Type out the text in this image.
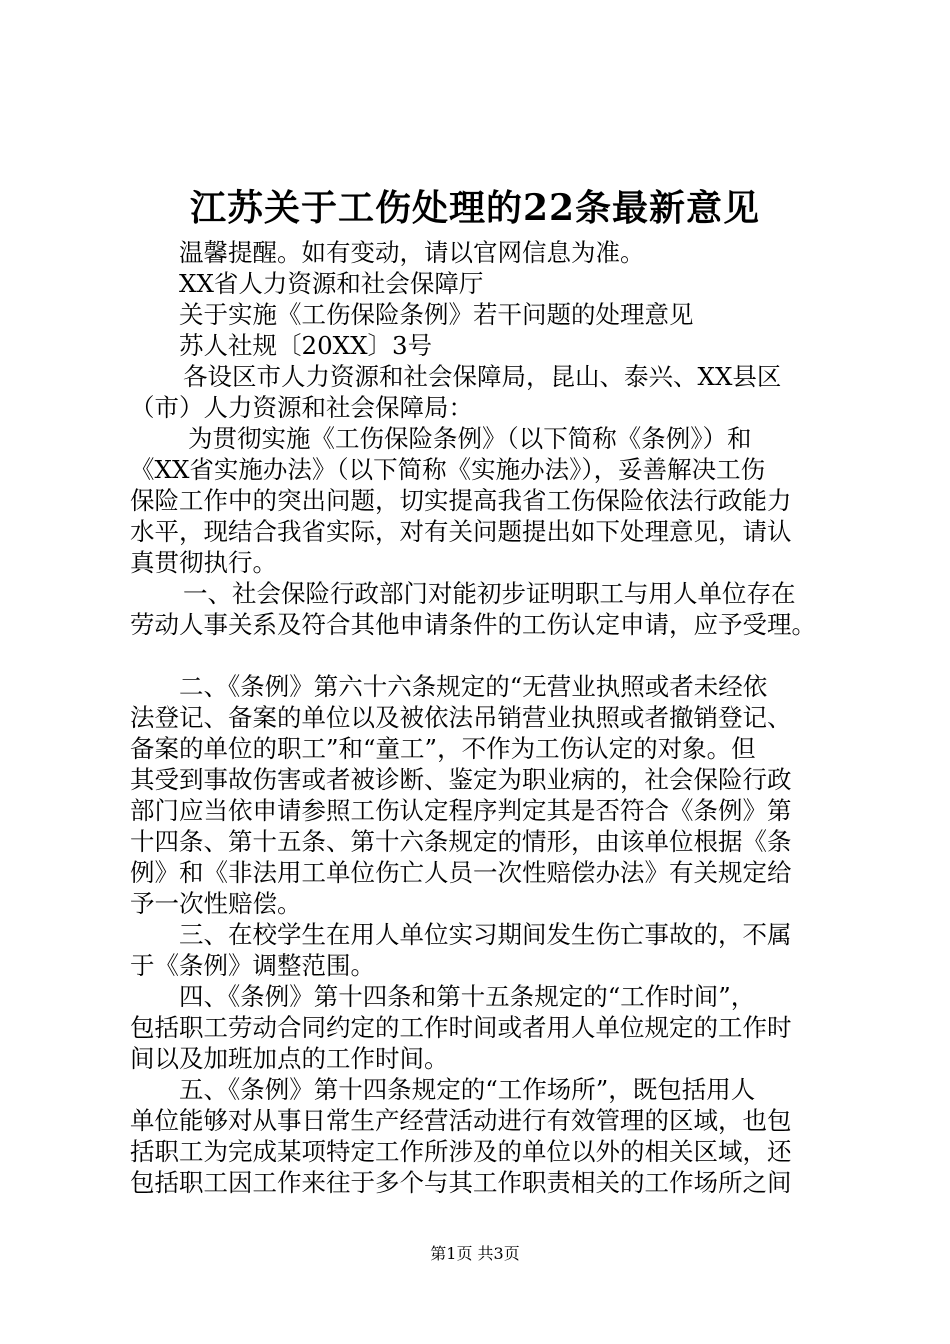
江苏关于工伤处理的22条最新意见
温馨提醒。如有变动，请以官网信息为准。
XX省人力资源和社会保障厅
关于实施《工伤保险条例》若干问题的处理意见
苏人社规〔20XX〕3号
各设区市人力资源和社会保障局，昆山、泰兴、XX县区
（市）人力资源和社会保障局：
为贯彻实施《工伤保险条例》（以下简称《条例》）和
《XX省实施办法》（以下简称《实施办法》），妥善解决工伤
保险工作中的突出问题，切实提高我省工伤保险依法行政能力
水平，现结合我省实际，对有关问题提出如下处理意见，请认
真贯彻执行。
一、社会保险行政部门对能初步证明职工与用人单位存在
劳动人事关系及符合其他申请条件的工伤认定申请，应予受理。
二、《条例》第六十六条规定的“无营业执照或者未经依
法登记、备案的单位以及被依法吊销营业执照或者撤销登记、
备案的单位的职工”和“童工”，不作为工伤认定的对象。但
其受到事故伤害或者被诊断、鉴定为职业病的，社会保险行政
部门应当依申请参照工伤认定程序判定其是否符合《条例》第
十四条、第十五条、第十六条规定的情形，由该单位根据《条
例》和《非法用工单位伤亡人员一次性赔偿办法》有关规定给
予一次性赔偿。
三、在校学生在用人单位实习期间发生伤亡事故的，不属
于《条例》调整范围。
四、《条例》第十四条和第十五条规定的“工作时间”，
包括职工劳动合同约定的工作时间或者用人单位规定的工作时
间以及加班加点的工作时间。
五、《条例》第十四条规定的“工作场所”，既包括用人
单位能够对从事日常生产经营活动进行有效管理的区域，也包
括职工为完成某项特定工作所涉及的单位以外的相关区域，还
包括职工因工作来往于多个与其工作职责相关的工作场所之间
第1页 共3页
